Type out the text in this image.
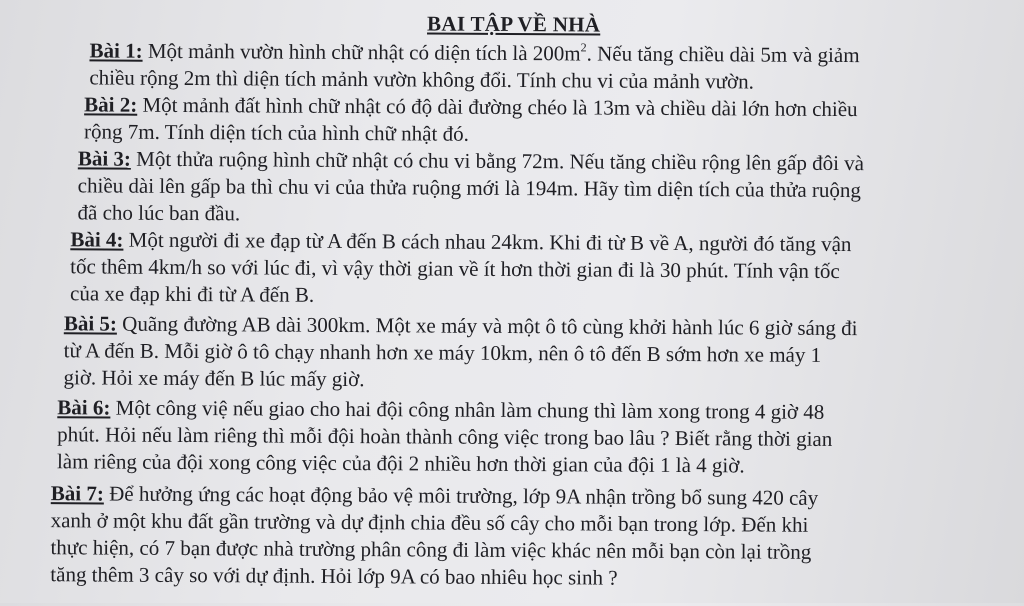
BAI TẬP VỀ NHÀ
Bài 1: Một mảnh vườn hình chữ nhật có diện tích là $200m^2$. Nếu tăng chiều dài 5m và giảm
chiều rộng 2m thì diện tích mảnh vườn không đổi. Tính chu vi của mảnh vườn.
Bài 2: Một mảnh đất hình chữ nhật có độ dài đường chéo là 13m và chiều dài lớn hơn chiều
rộng 7m. Tính diện tích của hình chữ nhật đó.
Bài 3: Một thửa ruộng hình chữ nhật có chu vi bằng 72m. Nếu tăng chiều rộng lên gấp đôi và
chiều dài lên gấp ba thì chu vi của thửa ruộng mới là 194m. Hãy tìm diện tích của thửa ruộng
đã cho lúc ban đầu.
Bài 4: Một người đi xe đạp từ A đến B cách nhau 24km. Khi đi từ B về A, người đó tăng vận
tốc thêm 4km/h so với lúc đi, vì vậy thời gian về ít hơn thời gian đi là 30 phút. Tính vận tốc
của xe đạp khi đi từ A đến B.
Bài 5: Quãng đường AB dài 300km. Một xe máy và một ô tô cùng khởi hành lúc 6 giờ sáng đi
từ A đến B. Mỗi giờ ô tô chạy nhanh hơn xe máy 10km, nên ô tô đến B sớm hơn xe máy 1
giờ. Hỏi xe máy đến B lúc mấy giờ.
Bài 6: Một công việ nếu giao cho hai đội công nhân làm chung thì làm xong trong 4 giờ 48
phút. Hỏi nếu làm riêng thì mỗi đội hoàn thành công việc trong bao lâu ? Biết rằng thời gian
làm riêng của đội xong công việc của đội 2 nhiều hơn thời gian của đội 1 là 4 giờ.
Bài 7: Để hưởng ứng các hoạt động bảo vệ môi trường, lớp 9A nhận trồng bổ sung 420 cây
xanh ở một khu đất gần trường và dự định chia đều số cây cho mỗi bạn trong lớp. Đến khi
thực hiện, có 7 bạn được nhà trường phân công đi làm việc khác nên mỗi bạn còn lại trồng
tăng thêm 3 cây so với dự định. Hỏi lớp 9A có bao nhiêu học sinh ?
